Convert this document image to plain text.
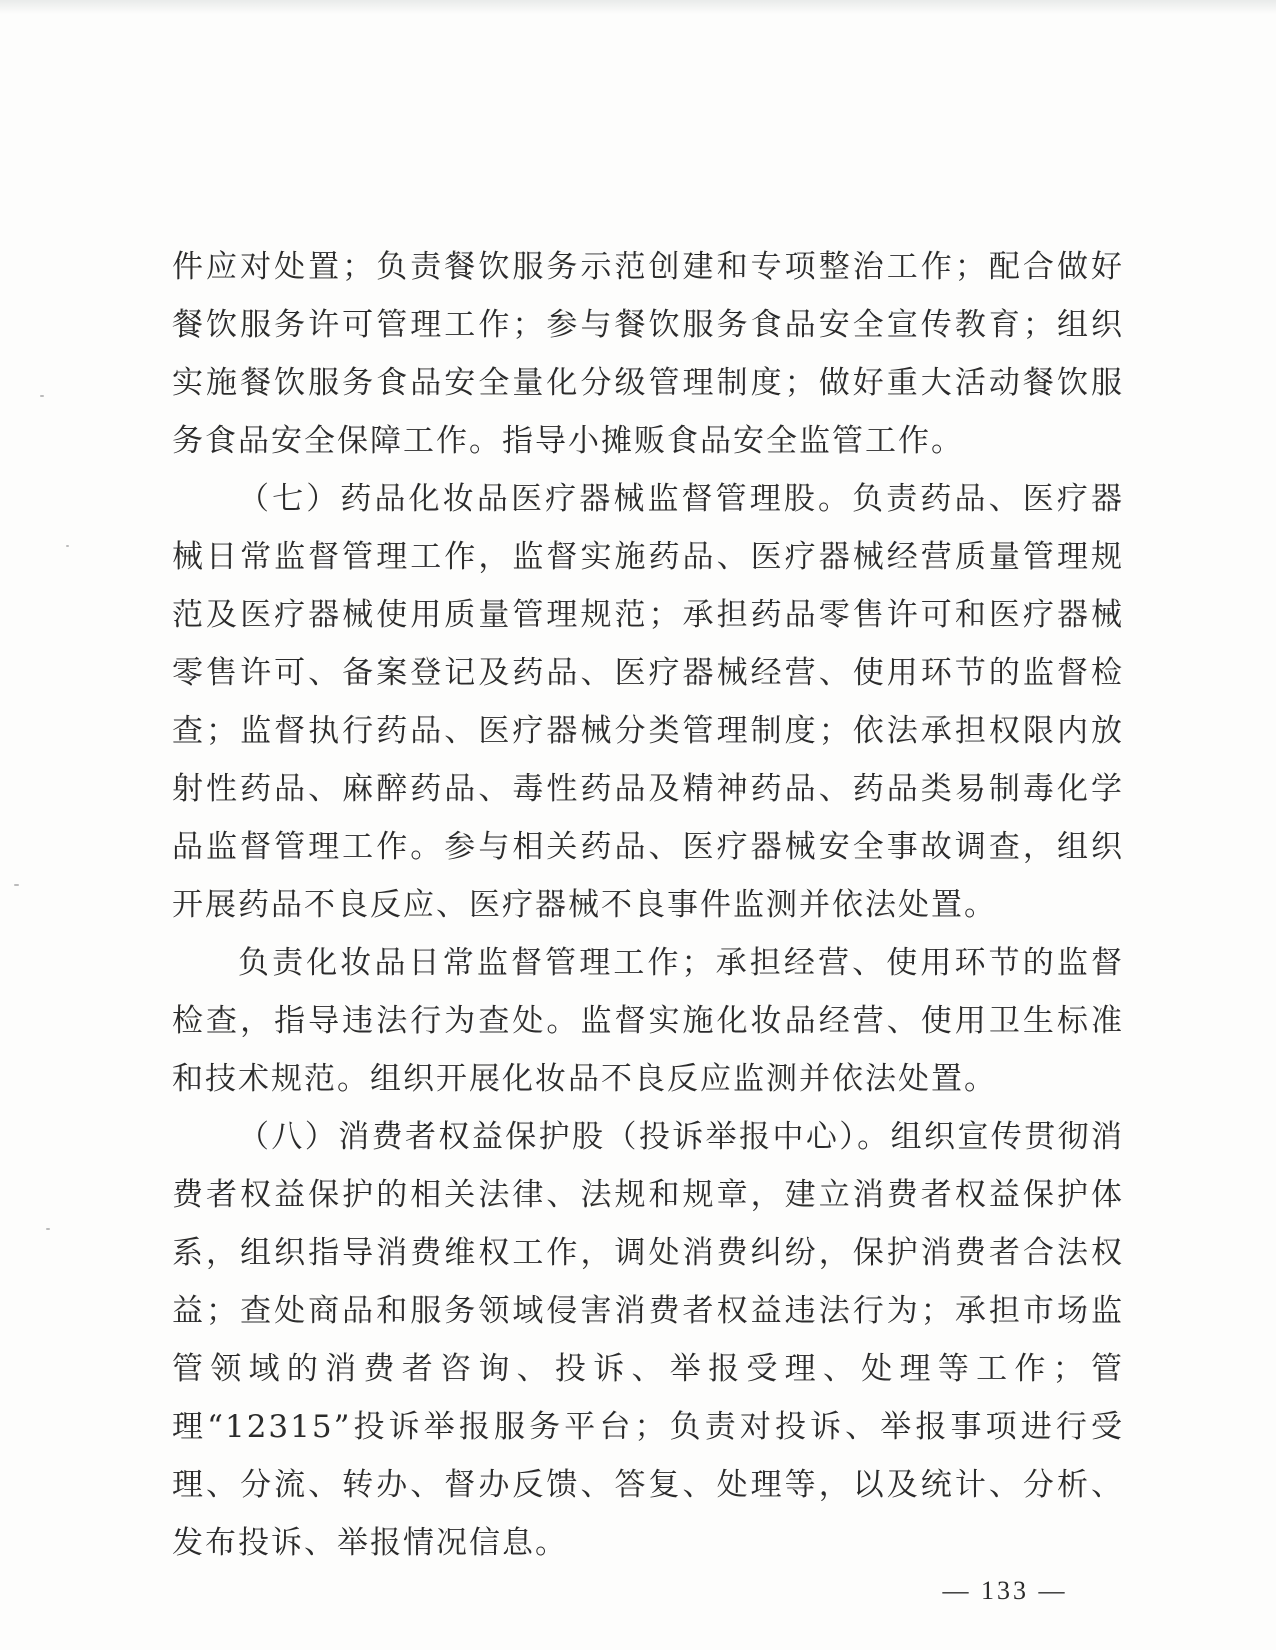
件应对处置；负责餐饮服务示范创建和专项整治工作；配合做好餐饮服务许可管理工作；参与餐饮服务食品安全宣传教育；组织实施餐饮服务食品安全量化分级管理制度；做好重大活动餐饮服务食品安全保障工作。指导小摊贩食品安全监管工作。

（七）药品化妆品医疗器械监督管理股。负责药品、医疗器械日常监督管理工作，监督实施药品、医疗器械经营质量管理规范及医疗器械使用质量管理规范；承担药品零售许可和医疗器械零售许可、备案登记及药品、医疗器械经营、使用环节的监督检查；监督执行药品、医疗器械分类管理制度；依法承担权限内放射性药品、麻醉药品、毒性药品及精神药品、药品类易制毒化学品监督管理工作。参与相关药品、医疗器械安全事故调查，组织开展药品不良反应、医疗器械不良事件监测并依法处置。

负责化妆品日常监督管理工作；承担经营、使用环节的监督检查，指导违法行为查处。监督实施化妆品经营、使用卫生标准和技术规范。组织开展化妆品不良反应监测并依法处置。

（八）消费者权益保护股（投诉举报中心）。组织宣传贯彻消费者权益保护的相关法律、法规和规章，建立消费者权益保护体系，组织指导消费维权工作，调处消费纠纷，保护消费者合法权益；查处商品和服务领域侵害消费者权益违法行为；承担市场监管领域的消费者咨询、投诉、举报受理、处理等工作；管理“12315”投诉举报服务平台；负责对投诉、举报事项进行受理、分流、转办、督办反馈、答复、处理等，以及统计、分析、发布投诉、举报情况信息。

— 133 —
